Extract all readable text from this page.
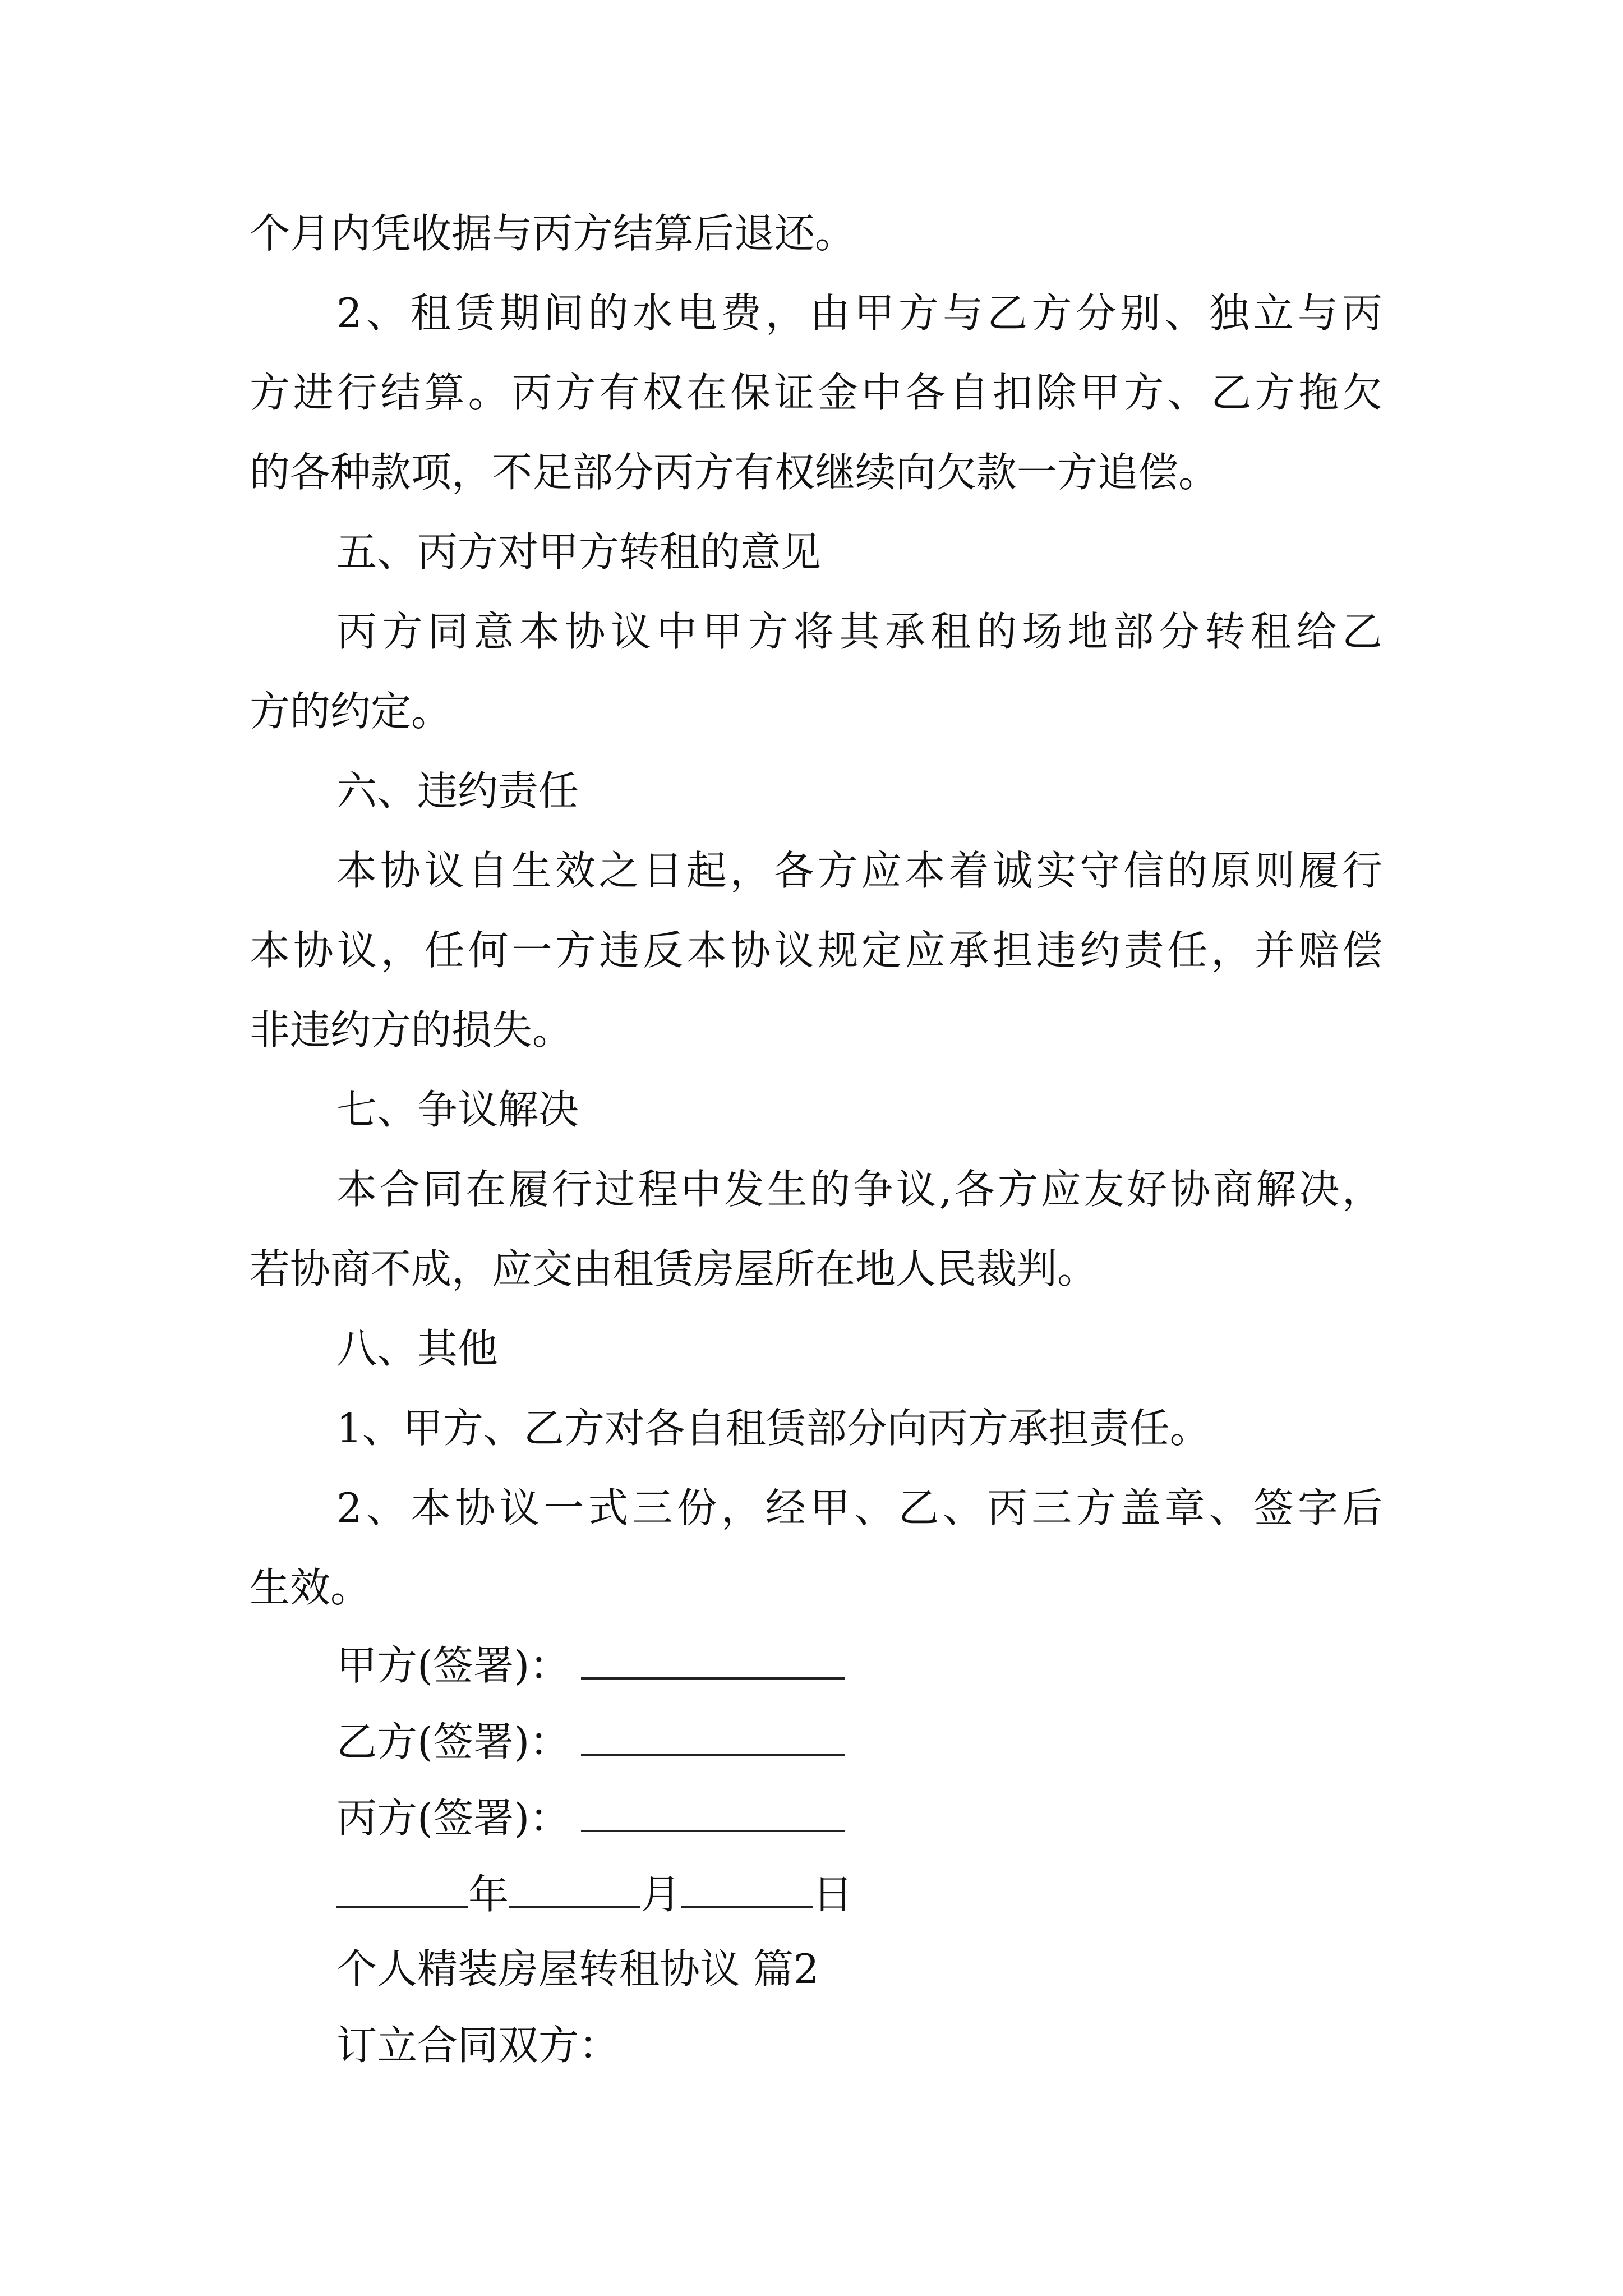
个月内凭收据与丙方结算后退还。
2、租赁期间的水电费，由甲方与乙方分别、独立与丙
方进行结算。丙方有权在保证金中各自扣除甲方、乙方拖欠
的各种款项，不足部分丙方有权继续向欠款一方追偿。
五、丙方对甲方转租的意见
丙方同意本协议中甲方将其承租的场地部分转租给乙
方的约定。
六、违约责任
本协议自生效之日起，各方应本着诚实守信的原则履行
本协议，任何一方违反本协议规定应承担违约责任，并赔偿
非违约方的损失。
七、争议解决
本合同在履行过程中发生的争议,各方应友好协商解决，
若协商不成，应交由租赁房屋所在地人民裁判。
八、其他
1、甲方、乙方对各自租赁部分向丙方承担责任。
2、本协议一式三份，经甲、乙、丙三方盖章、签字后
生效。
甲方(签署)：
乙方(签署)：
丙方(签署)：
年	月	日
个人精装房屋转租协议 篇2
订立合同双方：
